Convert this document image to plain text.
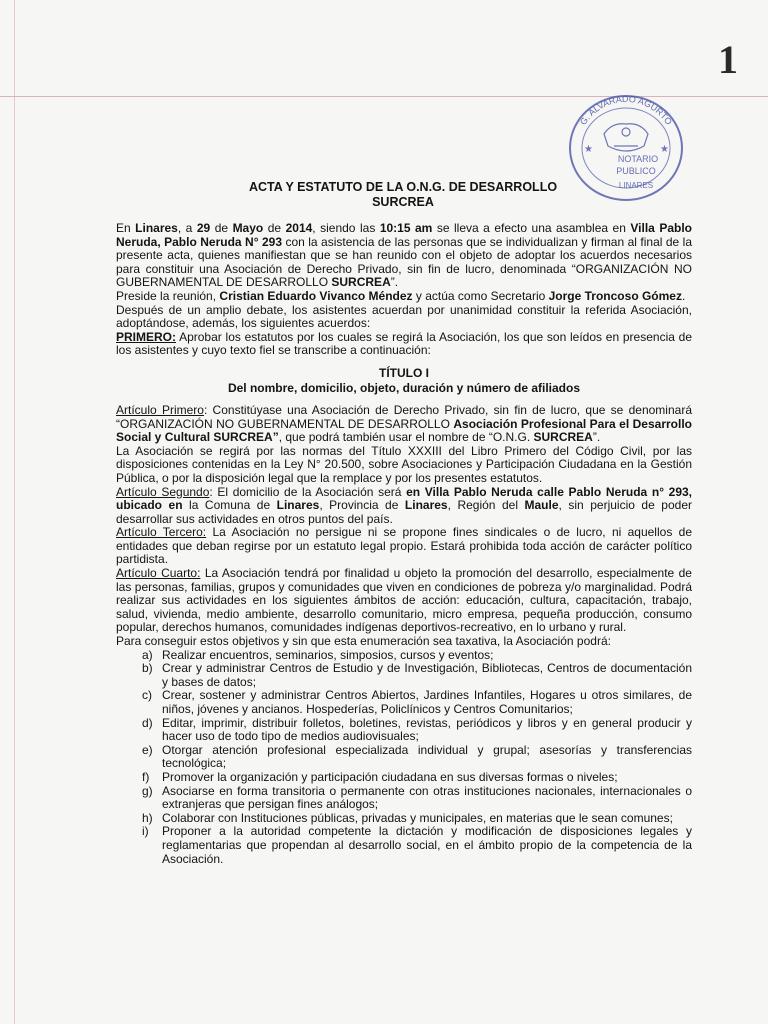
1
G. ALVARADO AGURTO
NOTARIO
PUBLICO
LINARES
★	★
ACTA Y ESTATUTO DE LA O.N.G. DE DESARROLLO
SURCREA

En Linares, a 29 de Mayo de 2014, siendo las 10:15 am se lleva a efecto una asamblea en Villa Pablo Neruda, Pablo Neruda N° 293 con la asistencia de las personas que se individualizan y firman al final de la presente acta, quienes manifiestan que se han reunido con el objeto de adoptar los acuerdos necesarios para constituir una Asociación de Derecho Privado, sin fin de lucro, denominada “ORGANIZACIÓN NO GUBERNAMENTAL DE DESARROLLO SURCREA”.

Preside la reunión, Cristian Eduardo Vivanco Méndez y actúa como Secretario Jorge Troncoso Gómez.

Después de un amplio debate, los asistentes acuerdan por unanimidad constituir la referida Asociación, adoptándose, además, los siguientes acuerdos:

PRIMERO: Aprobar los estatutos por los cuales se regirá la Asociación, los que son leídos en presencia de los asistentes y cuyo texto fiel se transcribe a continuación:

TÍTULO I
Del nombre, domicilio, objeto, duración y número de afiliados

Artículo Primero: Constitúyase una Asociación de Derecho Privado, sin fin de lucro, que se denominará “ORGANIZACIÓN NO GUBERNAMENTAL DE DESARROLLO Asociación Profesional Para el Desarrollo Social y Cultural SURCREA”, que podrá también usar el nombre de “O.N.G. SURCREA”.

La Asociación se regirá por las normas del Título XXXIII del Libro Primero del Código Civil, por las disposiciones contenidas en la Ley N° 20.500, sobre Asociaciones y Participación Ciudadana en la Gestión Pública, o por la disposición legal que la remplace y por los presentes estatutos.

Artículo Segundo: El domicilio de la Asociación será en Villa Pablo Neruda calle Pablo Neruda n° 293, ubicado en la Comuna de Linares, Provincia de Linares, Región del Maule, sin perjuicio de poder desarrollar sus actividades en otros puntos del país.

Artículo Tercero: La Asociación no persigue ni se propone fines sindicales o de lucro, ni aquellos de entidades que deban regirse por un estatuto legal propio. Estará prohibida toda acción de carácter político partidista.

Artículo Cuarto: La Asociación tendrá por finalidad u objeto la promoción del desarrollo, especialmente de las personas, familias, grupos y comunidades que viven en condiciones de pobreza y/o marginalidad. Podrá realizar sus actividades en los siguientes ámbitos de acción: educación, cultura, capacitación, trabajo, salud, vivienda, medio ambiente, desarrollo comunitario, micro empresa, pequeña producción, consumo popular, derechos humanos, comunidades indígenas deportivos-recreativo, en lo urbano y rural.

Para conseguir estos objetivos y sin que esta enumeración sea taxativa, la Asociación podrá:

a) Realizar encuentros, seminarios, simposios, cursos y eventos;
b) Crear y administrar Centros de Estudio y de Investigación, Bibliotecas, Centros de documentación y bases de datos;
c) Crear, sostener y administrar Centros Abiertos, Jardines Infantiles, Hogares u otros similares, de niños, jóvenes y ancianos. Hospederías, Policlínicos y Centros Comunitarios;
d) Editar, imprimir, distribuir folletos, boletines, revistas, periódicos y libros y en general producir y hacer uso de todo tipo de medios audiovisuales;
e) Otorgar atención profesional especializada individual y grupal; asesorías y transferencias tecnológica;
f) Promover la organización y participación ciudadana en sus diversas formas o niveles;
g) Asociarse en forma transitoria o permanente con otras instituciones nacionales, internacionales o extranjeras que persigan fines análogos;
h) Colaborar con Instituciones públicas, privadas y municipales, en materias que le sean comunes;
i) Proponer a la autoridad competente la dictación y modificación de disposiciones legales y reglamentarias que propendan al desarrollo social, en el ámbito propio de la competencia de la Asociación.
